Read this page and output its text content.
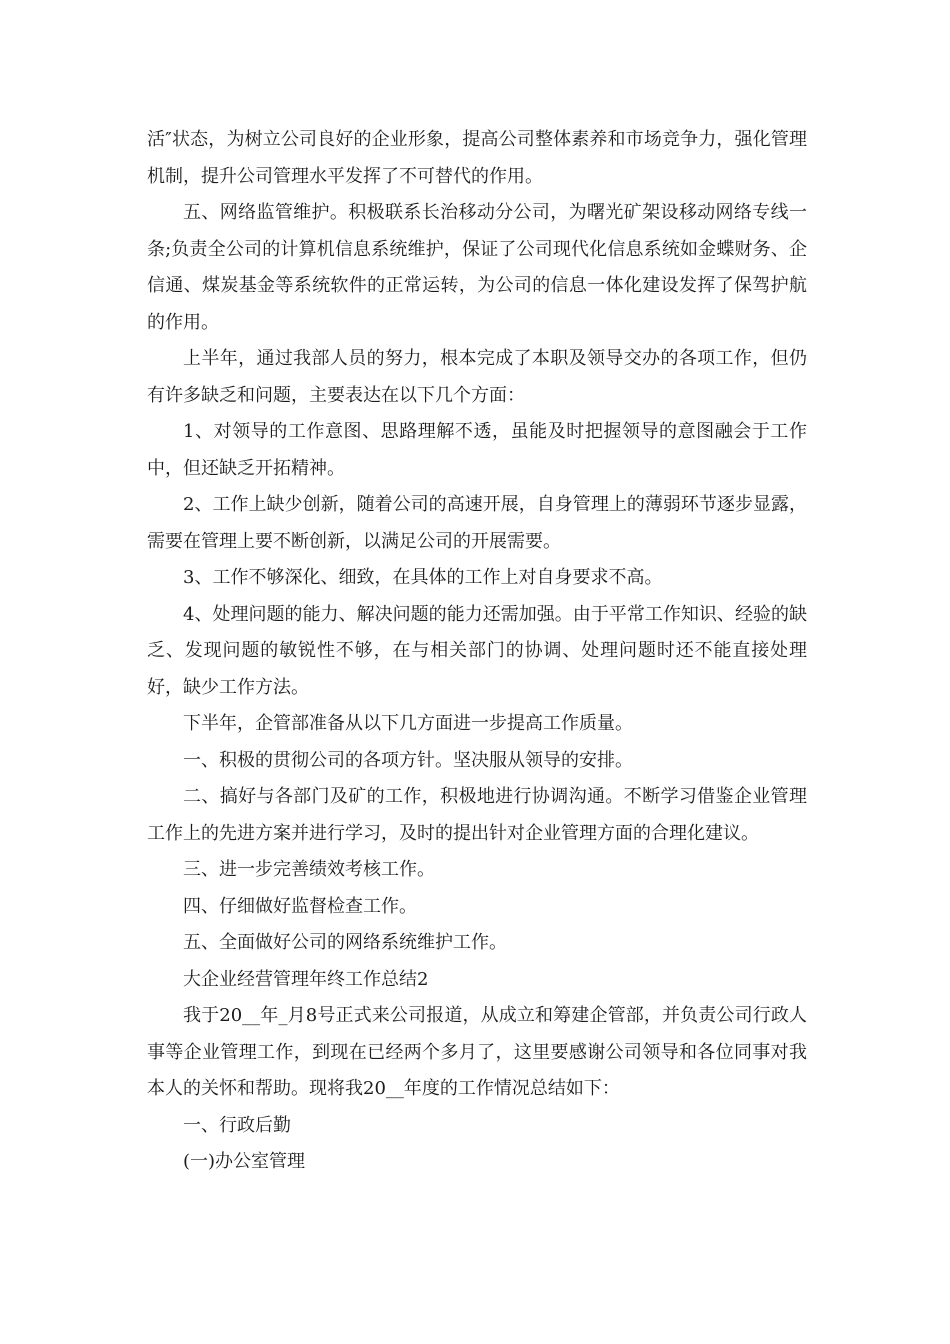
活″状态，为树立公司良好的企业形象，提高公司整体素养和市场竞争力，强化管理机制，提升公司管理水平发挥了不可替代的作用。

五、网络监管维护。积极联系长治移动分公司，为曙光矿架设移动网络专线一条;负责全公司的计算机信息系统维护，保证了公司现代化信息系统如金蝶财务、企信通、煤炭基金等系统软件的正常运转，为公司的信息一体化建设发挥了保驾护航的作用。

上半年，通过我部人员的努力，根本完成了本职及领导交办的各项工作，但仍有许多缺乏和问题，主要表达在以下几个方面：

1、对领导的工作意图、思路理解不透，虽能及时把握领导的意图融会于工作中，但还缺乏开拓精神。

2、工作上缺少创新，随着公司的高速开展，自身管理上的薄弱环节逐步显露，需要在管理上要不断创新，以满足公司的开展需要。

3、工作不够深化、细致，在具体的工作上对自身要求不高。

4、处理问题的能力、解决问题的能力还需加强。由于平常工作知识、经验的缺乏、发现问题的敏锐性不够，在与相关部门的协调、处理问题时还不能直接处理好，缺少工作方法。

下半年，企管部准备从以下几方面进一步提高工作质量。

一、积极的贯彻公司的各项方针。坚决服从领导的安排。

二、搞好与各部门及矿的工作，积极地进行协调沟通。不断学习借鉴企业管理工作上的先进方案并进行学习，及时的提出针对企业管理方面的合理化建议。

三、进一步完善绩效考核工作。

四、仔细做好监督检查工作。

五、全面做好公司的网络系统维护工作。

大企业经营管理年终工作总结2

我于20__年_月8号正式来公司报道，从成立和筹建企管部，并负责公司行政人事等企业管理工作，到现在已经两个多月了，这里要感谢公司领导和各位同事对我本人的关怀和帮助。现将我20__年度的工作情况总结如下：

一、行政后勤

(一)办公室管理
